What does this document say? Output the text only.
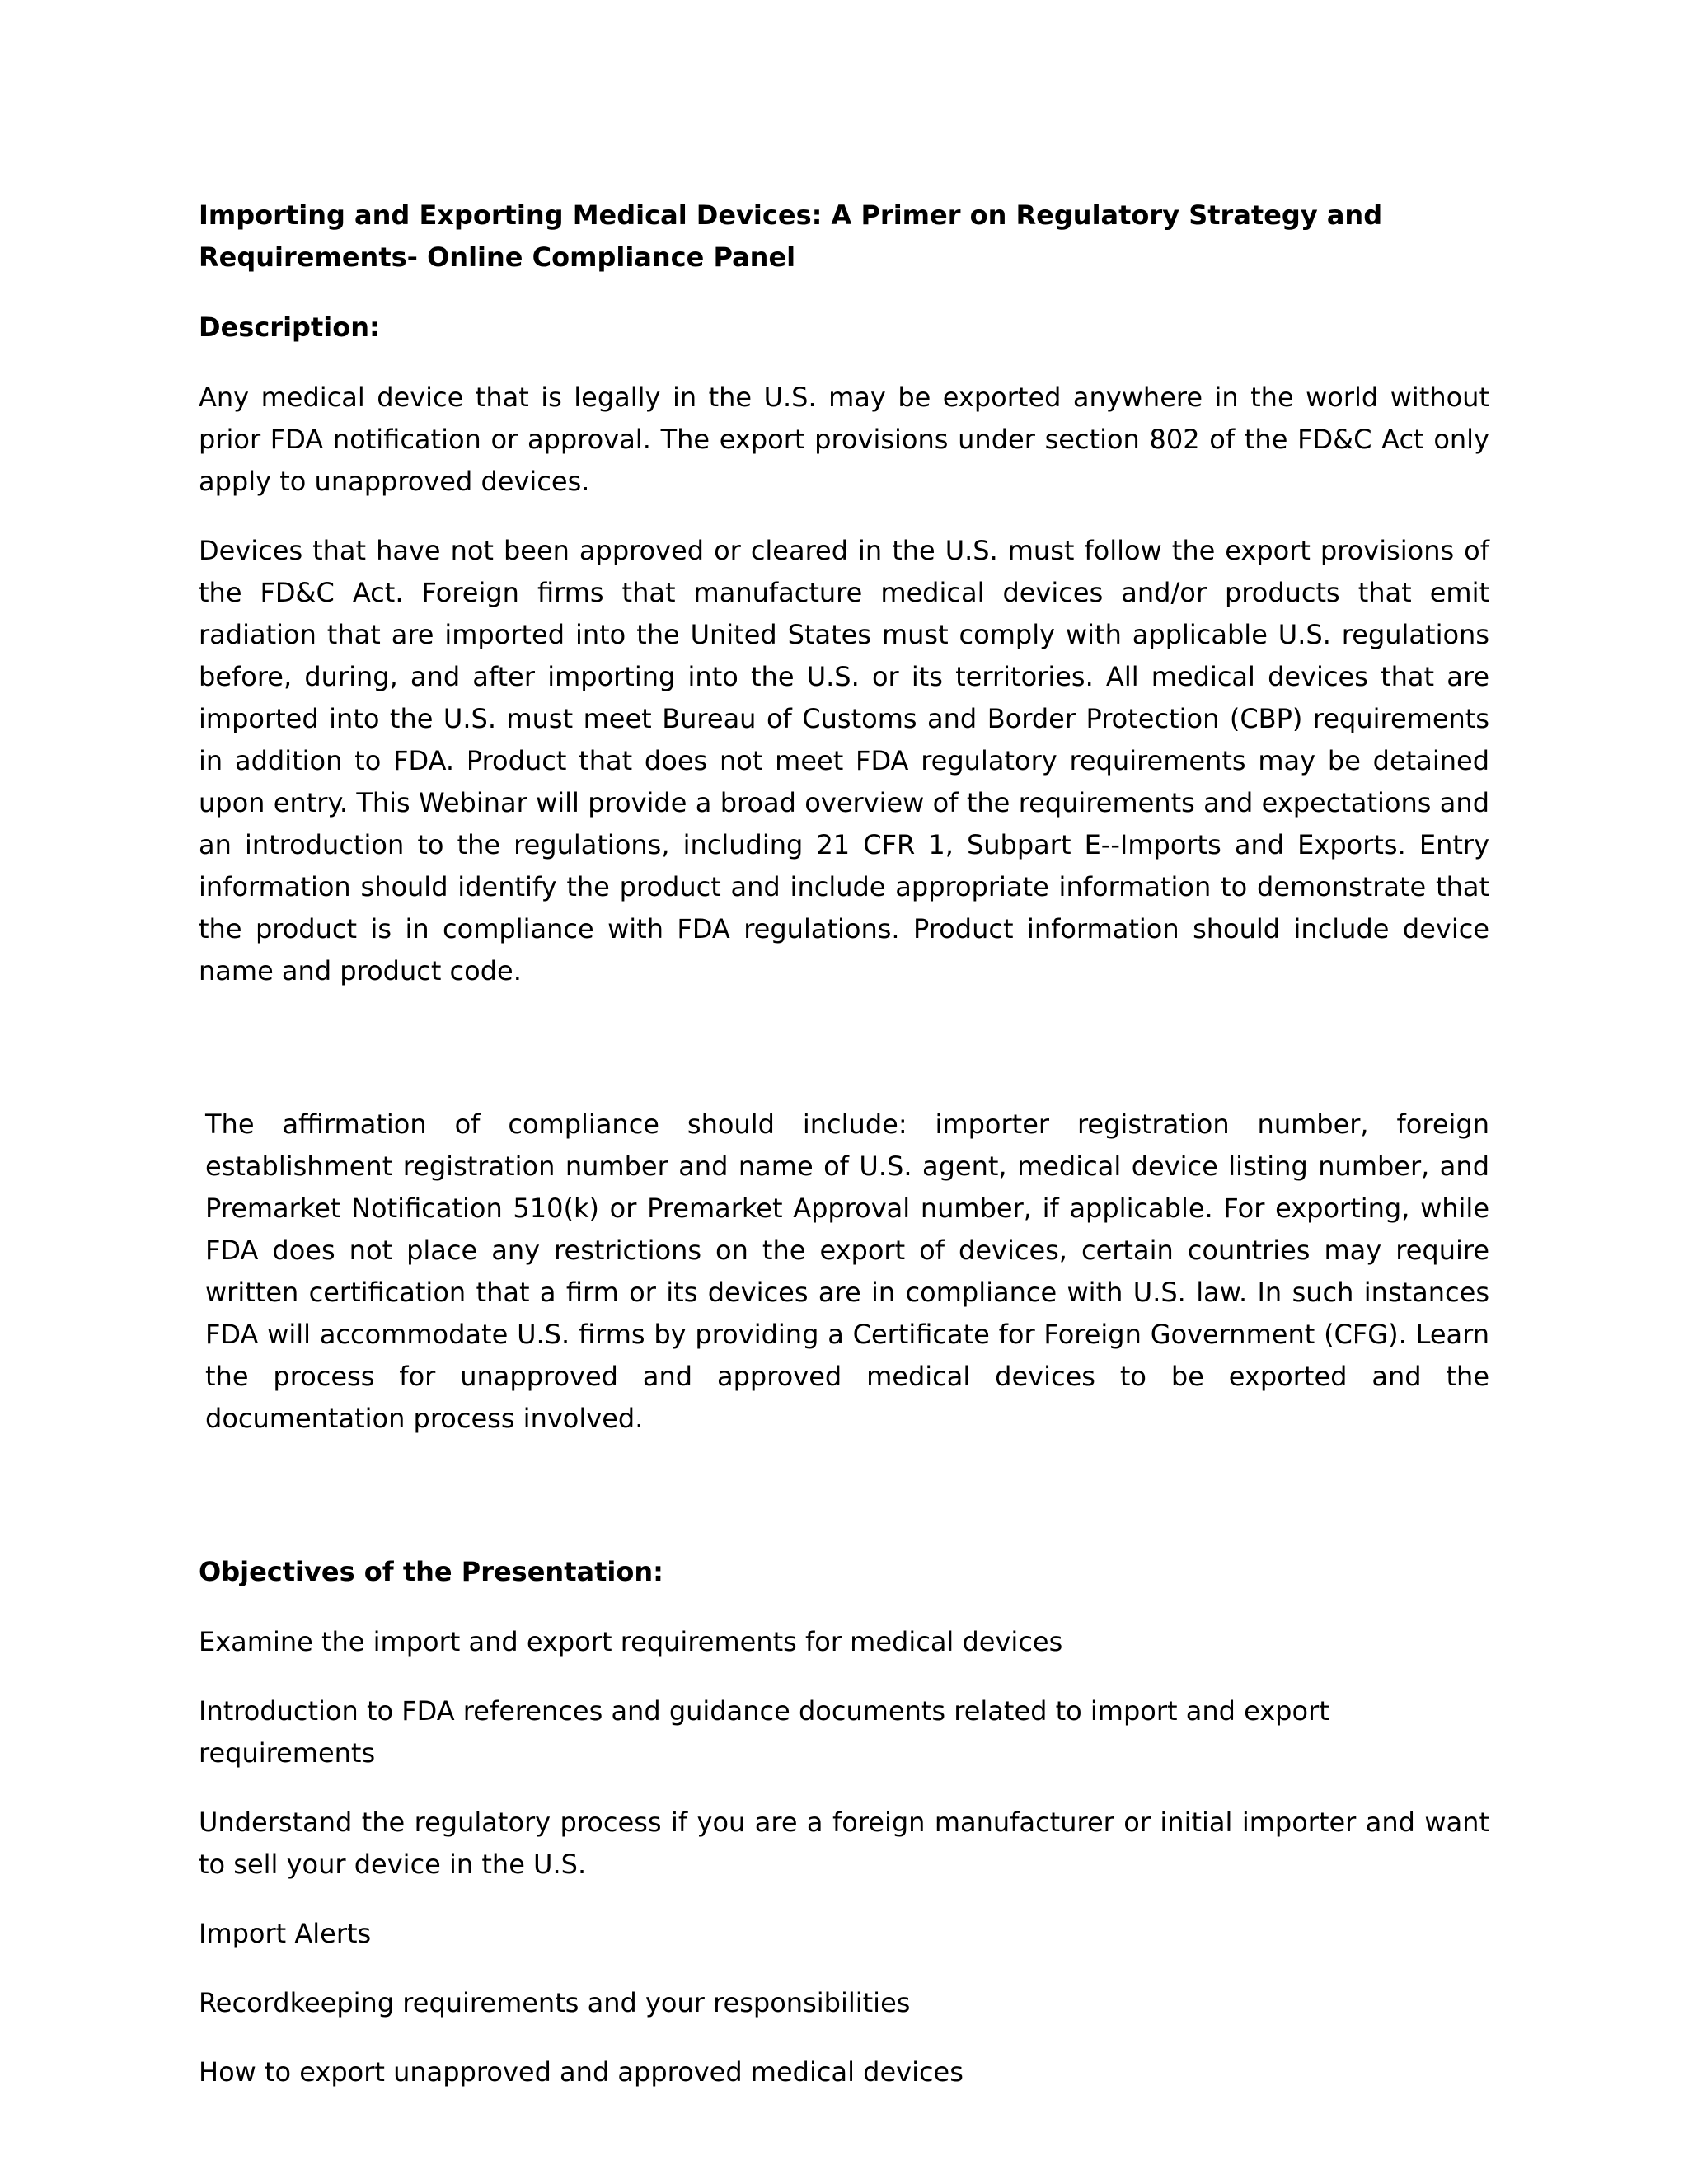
Importing and Exporting Medical Devices: A Primer on Regulatory Strategy and Requirements- Online Compliance Panel

Description:

Any medical device that is legally in the U.S. may be exported anywhere in the world without prior FDA notification or approval. The export provisions under section 802 of the FD&C Act only apply to unapproved devices.

Devices that have not been approved or cleared in the U.S. must follow the export provisions of the FD&C Act. Foreign firms that manufacture medical devices and/or products that emit radiation that are imported into the United States must comply with applicable U.S. regulations before, during, and after importing into the U.S. or its territories. All medical devices that are imported into the U.S. must meet Bureau of Customs and Border Protection (CBP) requirements in addition to FDA. Product that does not meet FDA regulatory requirements may be detained upon entry. This Webinar will provide a broad overview of the requirements and expectations and an introduction to the regulations, including 21 CFR 1, Subpart E--Imports and Exports. Entry information should identify the product and include appropriate information to demonstrate that the product is in compliance with FDA regulations. Product information should include device name and product code.

The affirmation of compliance should include: importer registration number, foreign establishment registration number and name of U.S. agent, medical device listing number, and Premarket Notification 510(k) or Premarket Approval number, if applicable. For exporting, while FDA does not place any restrictions on the export of devices, certain countries may require written certification that a firm or its devices are in compliance with U.S. law. In such instances FDA will accommodate U.S. firms by providing a Certificate for Foreign Government (CFG). Learn the process for unapproved and approved medical devices to be exported and the documentation process involved.

Objectives of the Presentation:

Examine the import and export requirements for medical devices

Introduction to FDA references and guidance documents related to import and export requirements

Understand the regulatory process if you are a foreign manufacturer or initial importer and want to sell your device in the U.S.

Import Alerts

Recordkeeping requirements and your responsibilities

How to export unapproved and approved medical devices
